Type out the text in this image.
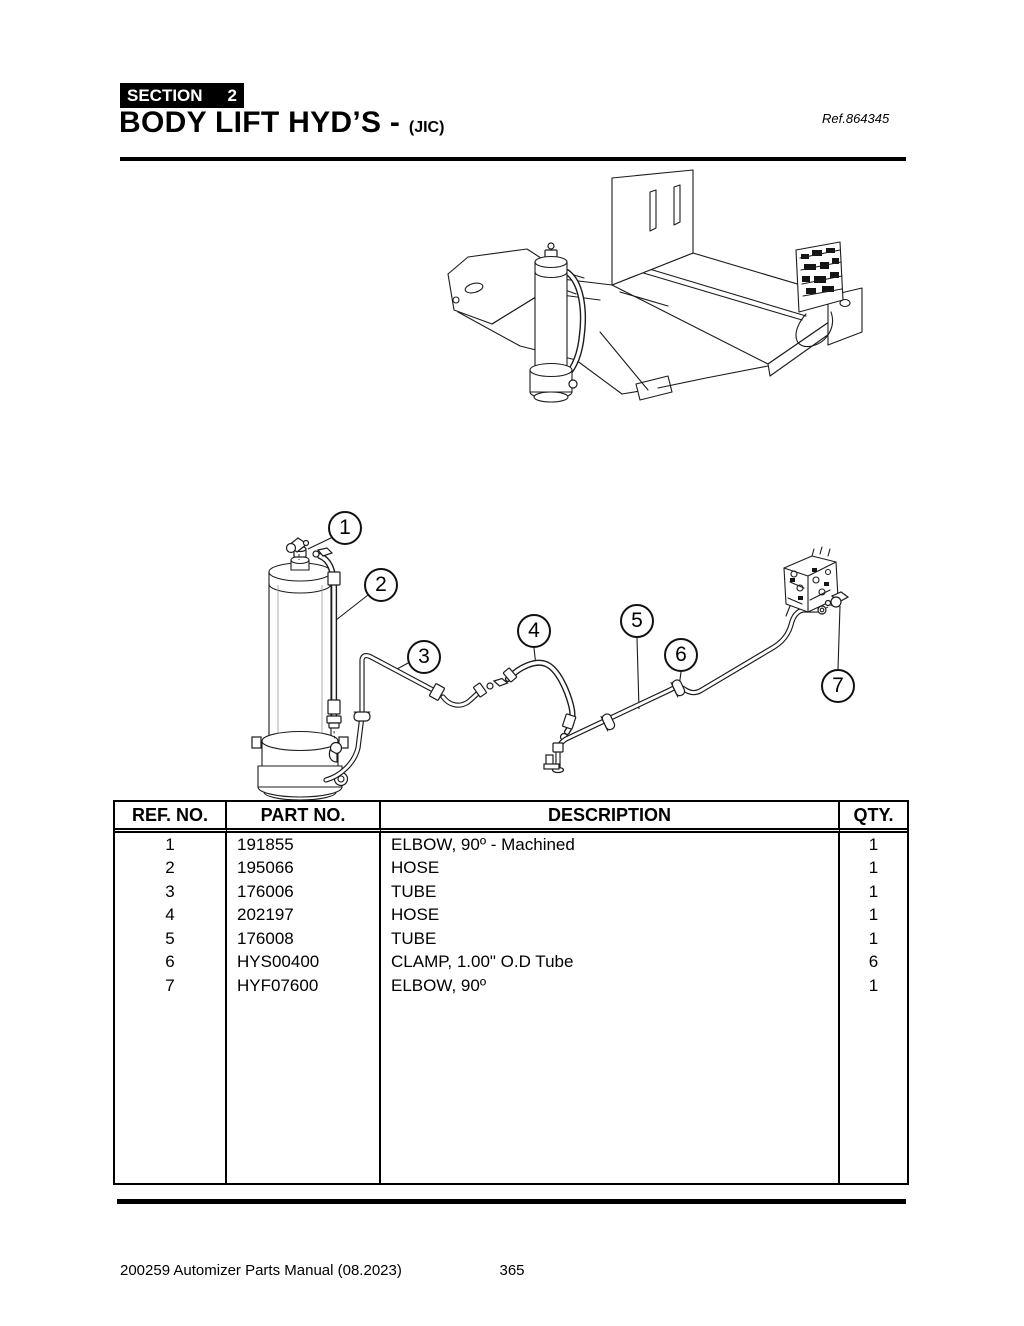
SECTION 2
BODY LIFT HYD’S - (JIC)
Ref.864345
1
2
3
4	5
6
7
REF. NO.	PART NO.	DESCRIPTION	QTY.
1	191855	ELBOW, 90º - Machined	1
2	195066	HOSE	1
3	176006	TUBE	1
4	202197	HOSE	1
5	176008	TUBE	1
6	HYS00400	CLAMP, 1.00" O.D Tube	6
7	HYF07600	ELBOW, 90º	1
365
200259 Automizer Parts Manual (08.2023)
